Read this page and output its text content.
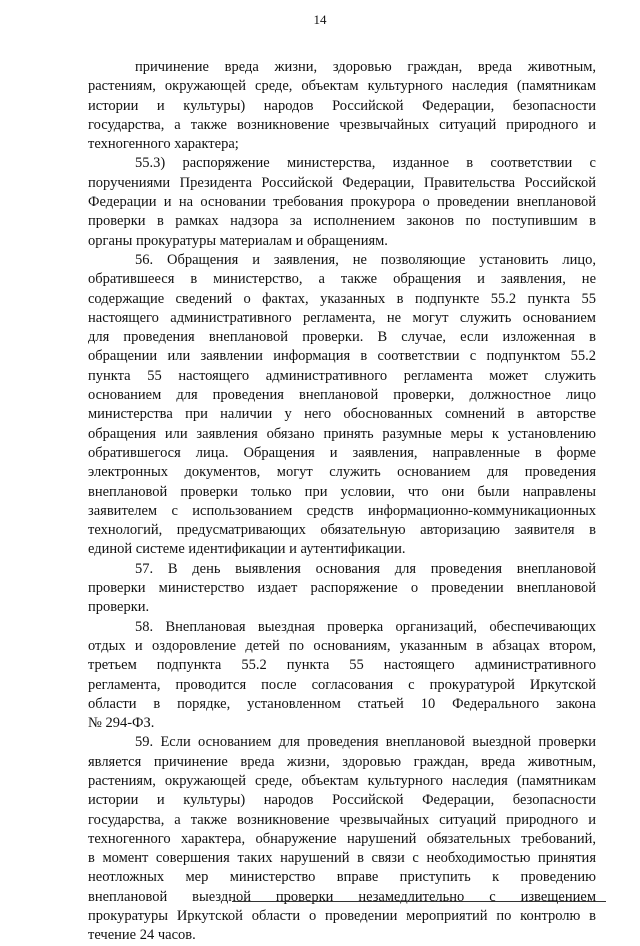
14
причинение вреда жизни, здоровью граждан, вреда животным,
растениям, окружающей среде, объектам культурного наследия (памятникам
истории и культуры) народов Российской Федерации, безопасности
государства, а также возникновение чрезвычайных ситуаций природного и
техногенного характера;
55.3) распоряжение министерства, изданное в соответствии с
поручениями Президента Российской Федерации, Правительства Российской
Федерации и на основании требования прокурора о проведении внеплановой
проверки в рамках надзора за исполнением законов по поступившим в
органы прокуратуры материалам и обращениям.
56. Обращения и заявления, не позволяющие установить лицо,
обратившееся в министерство, а также обращения и заявления, не
содержащие сведений о фактах, указанных в подпункте 55.2 пункта 55
настоящего административного регламента, не могут служить основанием
для проведения внеплановой проверки. В случае, если изложенная в
обращении или заявлении информация в соответствии с подпунктом 55.2
пункта 55 настоящего административного регламента может служить
основанием для проведения внеплановой проверки, должностное лицо
министерства при наличии у него обоснованных сомнений в авторстве
обращения или заявления обязано принять разумные меры к установлению
обратившегося лица. Обращения и заявления, направленные в форме
электронных документов, могут служить основанием для проведения
внеплановой проверки только при условии, что они были направлены
заявителем с использованием средств информационно-коммуникационных
технологий, предусматривающих обязательную авторизацию заявителя в
единой системе идентификации и аутентификации.
57. В день выявления основания для проведения внеплановой
проверки министерство издает распоряжение о проведении внеплановой
проверки.
58. Внеплановая выездная проверка организаций, обеспечивающих
отдых и оздоровление детей по основаниям, указанным в абзацах втором,
третьем подпункта 55.2 пункта 55 настоящего административного
регламента, проводится после согласования с прокуратурой Иркутской
области в порядке, установленном статьей 10 Федерального закона
№ 294-ФЗ.
59. Если основанием для проведения внеплановой выездной проверки
является причинение вреда жизни, здоровью граждан, вреда животным,
растениям, окружающей среде, объектам культурного наследия (памятникам
истории и культуры) народов Российской Федерации, безопасности
государства, а также возникновение чрезвычайных ситуаций природного и
техногенного характера, обнаружение нарушений обязательных требований,
в момент совершения таких нарушений в связи с необходимостью принятия
неотложных мер министерство вправе приступить к проведению
внеплановой выездной проверки незамедлительно с извещением
прокуратуры Иркутской области о проведении мероприятий по контролю в
течение 24 часов.
